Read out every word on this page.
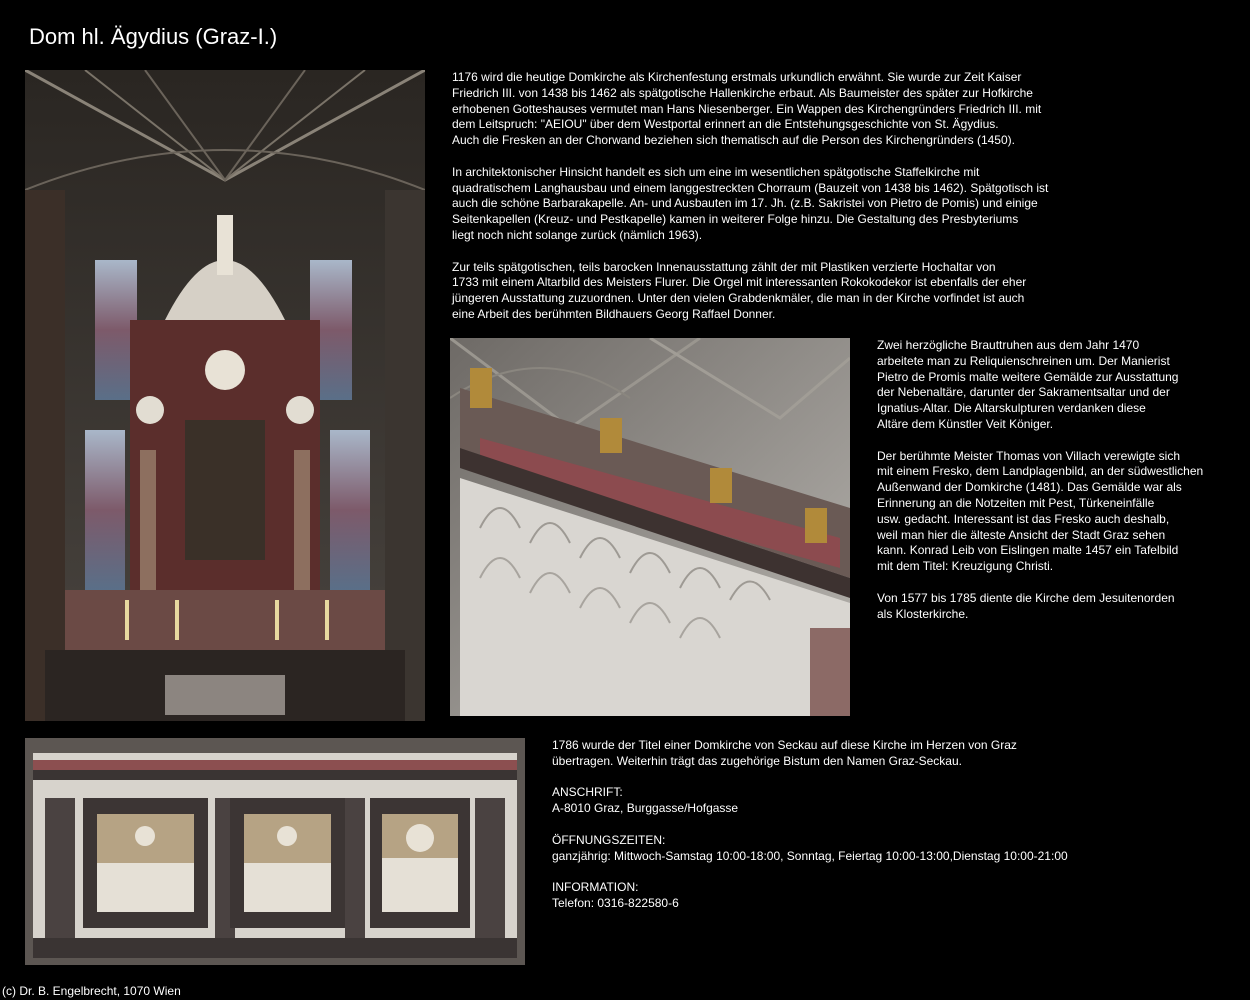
Dom hl. Ägydius (Graz-I.)

1176 wird die heutige Domkirche als Kirchenfestung erstmals urkundlich erwähnt. Sie wurde zur Zeit Kaiser
Friedrich III. von 1438 bis 1462 als spätgotische Hallenkirche erbaut. Als Baumeister des später zur Hofkirche
erhobenen Gotteshauses vermutet man Hans Niesenberger. Ein Wappen des Kirchengründers Friedrich III. mit
dem Leitspruch: "AEIOU" über dem Westportal erinnert an die Entstehungsgeschichte von St. Ägydius.
Auch die Fresken an der Chorwand beziehen sich thematisch auf die Person des Kirchengründers (1450).

In architektonischer Hinsicht handelt es sich um eine im wesentlichen spätgotische Staffelkirche mit
quadratischem Langhausbau und einem langgestreckten Chorraum (Bauzeit von 1438 bis 1462). Spätgotisch ist
auch die schöne Barbarakapelle. An- und Ausbauten im 17. Jh. (z.B. Sakristei von Pietro de Pomis) und einige
Seitenkapellen (Kreuz- und Pestkapelle) kamen in weiterer Folge hinzu. Die Gestaltung des Presbyteriums
liegt noch nicht solange zurück (nämlich 1963).

Zur teils spätgotischen, teils barocken Innenausstattung zählt der mit Plastiken verzierte Hochaltar von
1733 mit einem Altarbild des Meisters Flurer. Die Orgel mit interessanten Rokokodekor ist ebenfalls der eher
jüngeren Ausstattung zuzuordnen. Unter den vielen Grabdenkmäler, die man in der Kirche vorfindet ist auch
eine Arbeit des berühmten Bildhauers Georg Raffael Donner.

Zwei herzögliche Brauttruhen aus dem Jahr 1470
arbeitete man zu Reliquienschreinen um. Der Manierist
Pietro de Promis malte weitere Gemälde zur Ausstattung
der Nebenaltäre, darunter der Sakramentsaltar und der
Ignatius-Altar. Die Altarskulpturen verdanken diese
Altäre dem Künstler Veit Königer.

Der berühmte Meister Thomas von Villach verewigte sich
mit einem Fresko, dem Landplagenbild, an der südwestlichen
Außenwand der Domkirche (1481). Das Gemälde war als
Erinnerung an die Notzeiten mit Pest, Türkeneinfälle
usw. gedacht. Interessant ist das Fresko auch deshalb,
weil man hier die älteste Ansicht der Stadt Graz sehen
kann. Konrad Leib von Eislingen malte 1457 ein Tafelbild
mit dem Titel: Kreuzigung Christi.

Von 1577 bis 1785 diente die Kirche dem Jesuitenorden
als Klosterkirche.

1786 wurde der Titel einer Domkirche von Seckau auf diese Kirche im Herzen von Graz
übertragen. Weiterhin trägt das zugehörige Bistum den Namen Graz-Seckau.

ANSCHRIFT:
A-8010 Graz, Burggasse/Hofgasse

ÖFFNUNGSZEITEN:
ganzjährig: Mittwoch-Samstag 10:00-18:00, Sonntag, Feiertag 10:00-13:00,Dienstag 10:00-21:00

INFORMATION:
Telefon: 0316-822580-6

(c) Dr. B. Engelbrecht, 1070 Wien
